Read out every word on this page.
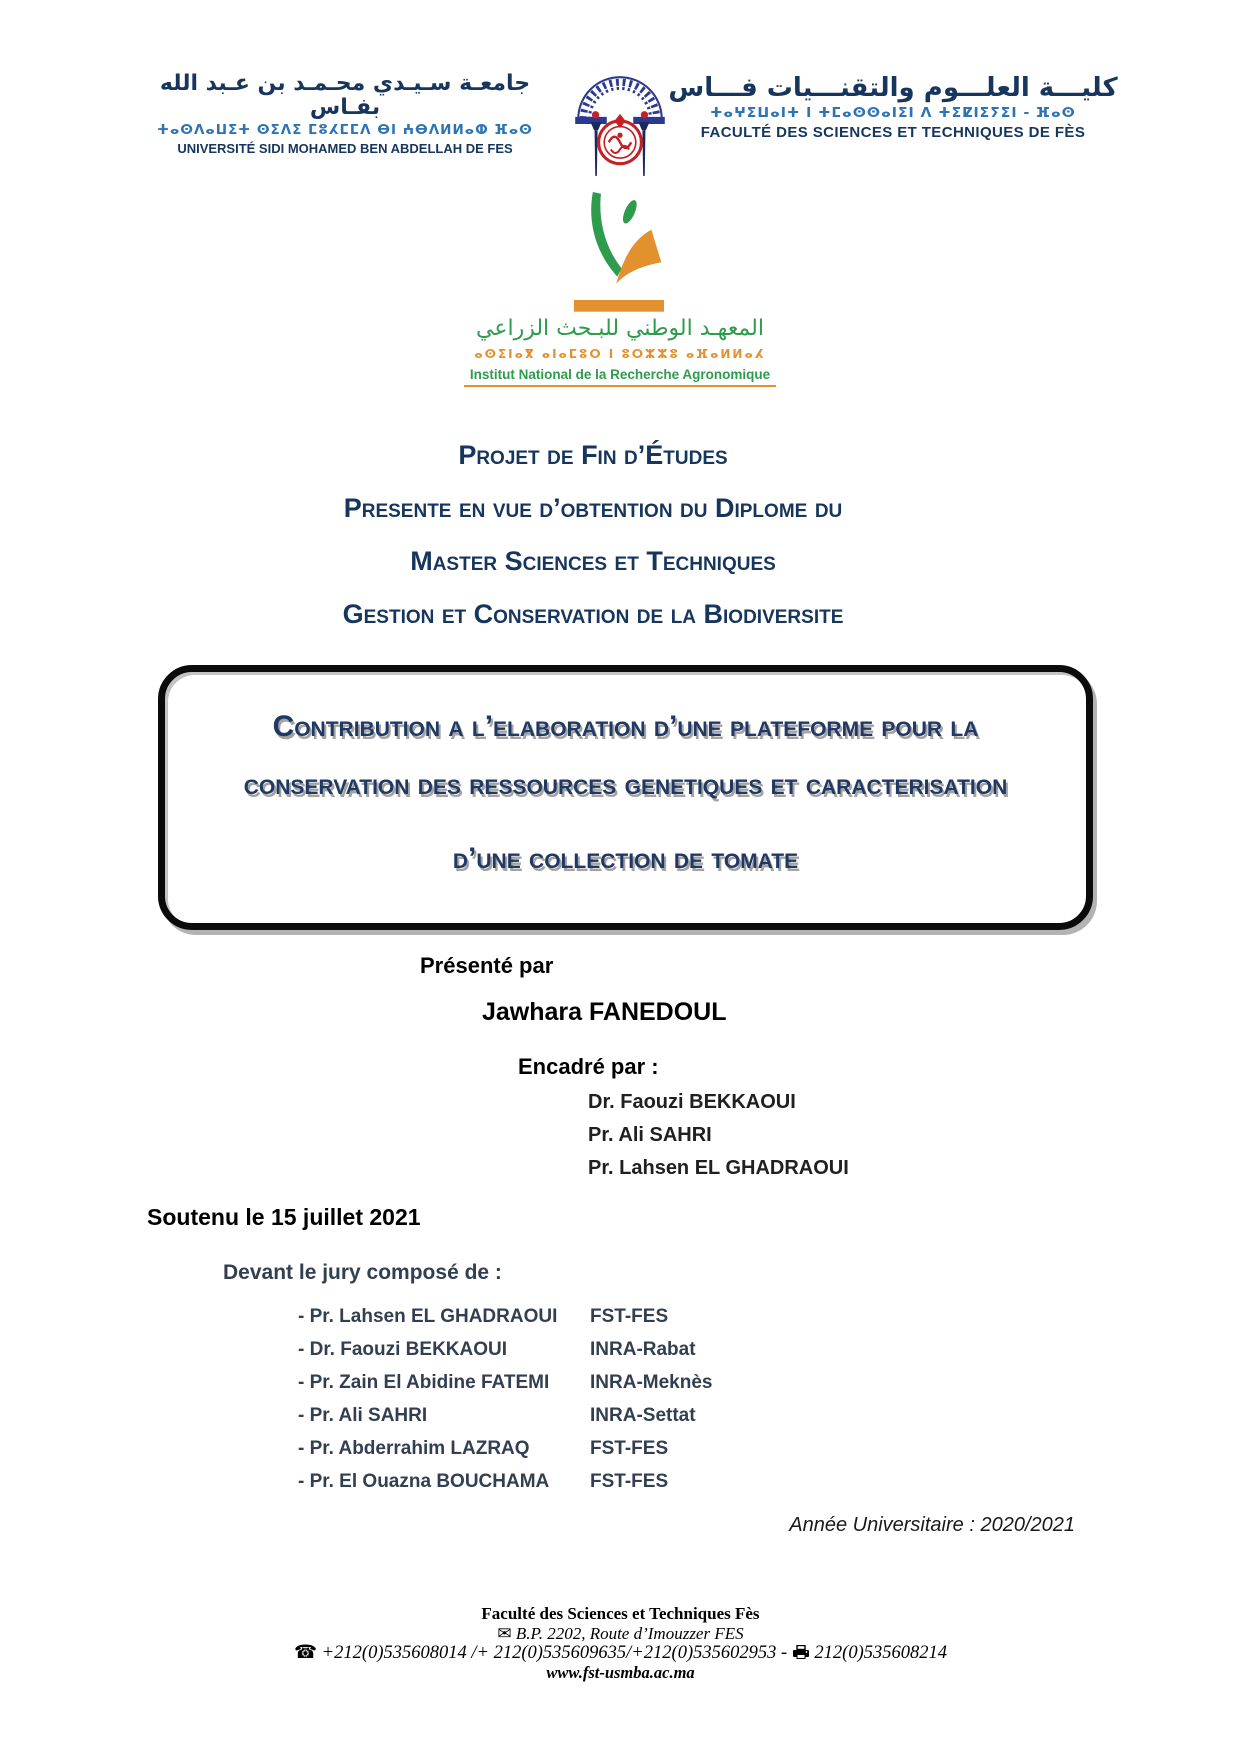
جامعـة سـيـدي محـمـد بن عـبد الله بفـاس
ⵜⴰⵙⴷⴰⵡⵉⵜ ⵙⵉⴷⵉ ⵎⵓⵃⵎⵎⴷ ⴱⵏ ⵄⴱⴷⵍⵍⴰⵀ ⴼⴰⵙ
UNIVERSITÉ SIDI MOHAMED BEN ABDELLAH DE FES
كليـــة العلـــوم والتقنـــيات فـــاس
ⵜⴰⵖⵉⵡⴰⵏⵜ ⵏ ⵜⵎⴰⵙⵙⴰⵏⵉⵏ ⴷ ⵜⵉⵇⵏⵉⵢⵉⵏ - ⴼⴰⵙ
FACULTÉ DES SCIENCES ET TECHNIQUES DE FÈS
المعهـد الوطني للبـحث الزراعي
ⴰⵙⵉⵏⴰⴳ ⴰⵏⴰⵎⵓⵔ ⵏ ⵓⵔⵣⵣⵓ ⴰⴼⴰⵍⵍⴰⵃ
Institut National de la Recherche Agronomique
Projet de Fin d’Études
Presente en vue d’obtention du Diplome du
Master Sciences et Techniques
Gestion et Conservation de la Biodiversite
Contribution a l’elaboration d’une plateforme pour la
conservation des ressources genetiques et caracterisation
d’une collection de tomate
Présenté par
Jawhara FANEDOUL
Encadré par :
Dr. Faouzi BEKKAOUI
Pr. Ali SAHRI
Pr. Lahsen EL GHADRAOUI
Soutenu le 15 juillet 2021
Devant le jury composé de :
- Pr. Lahsen EL GHADRAOUI FST-FES
- Dr. Faouzi BEKKAOUI	INRA-Rabat
- Pr. Zain El Abidine FATEMI INRA-Meknès
- Pr. Ali SAHRI	INRA-Settat
- Pr. Abderrahim LAZRAQ	FST-FES
- Pr. El Ouazna BOUCHAMA FST-FES
Année Universitaire : 2020/2021
Faculté des Sciences et Techniques Fès
✉ B.P. 2202, Route d’Imouzzer FES
☎ +212(0)535608014 /+ 212(0)535609635/+212(0)535602953 - 212(0)535608214
www.fst-usmba.ac.ma
